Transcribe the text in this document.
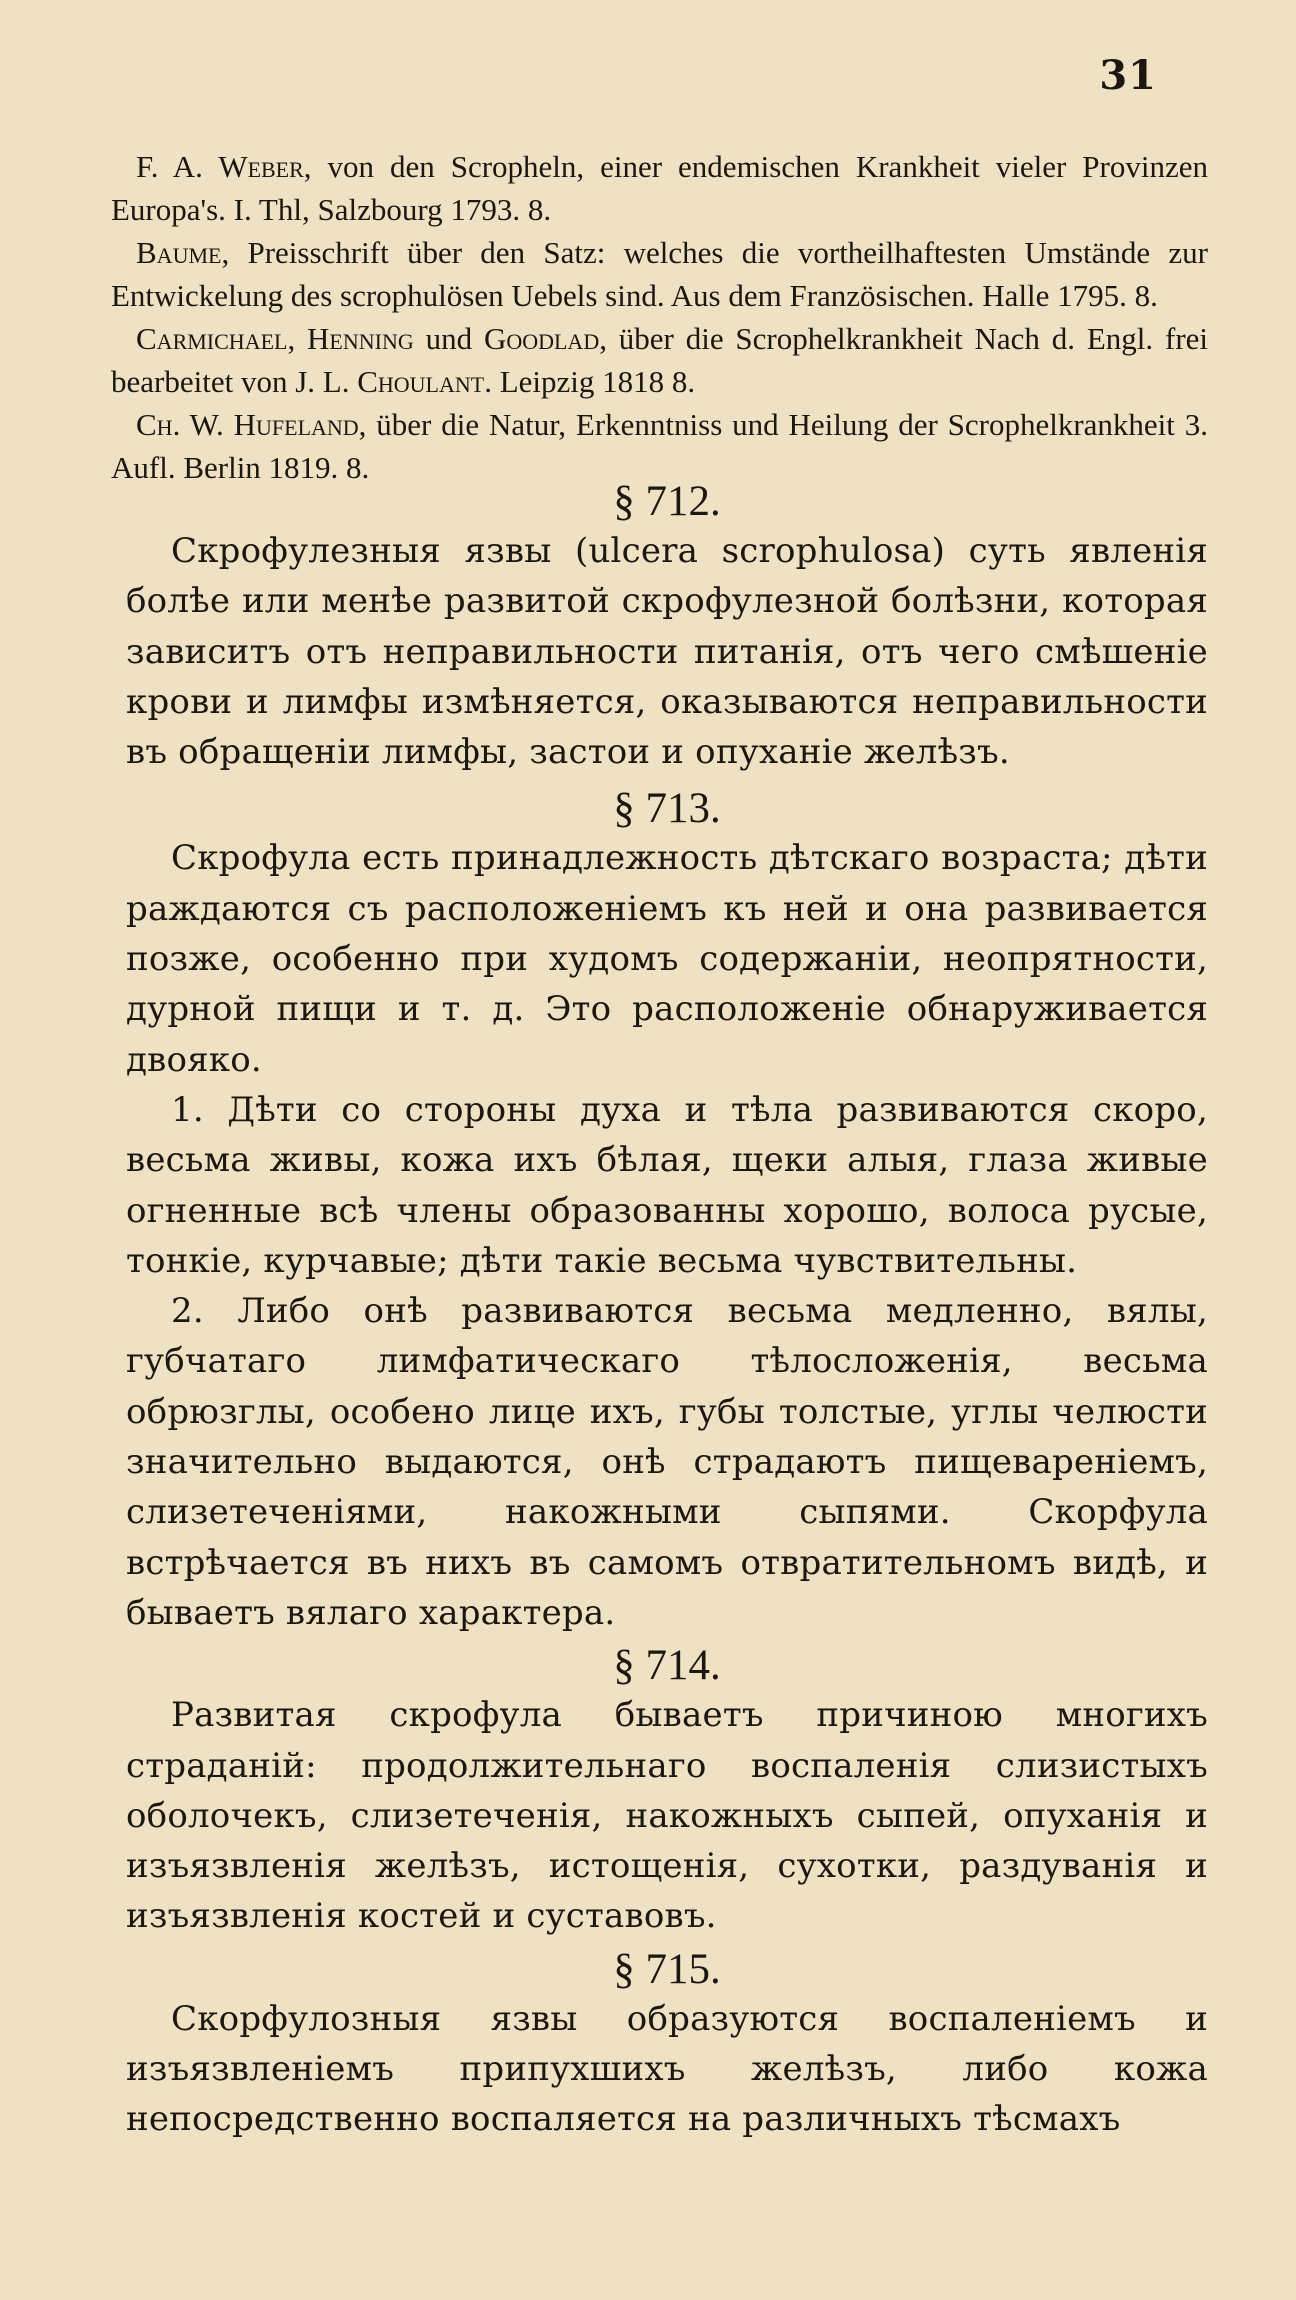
31

F. A. Weber, von den Scropheln, einer endemischen Krankheit vieler Provinzen Europa's. I. Thl, Salzbourg 1793. 8.

Baume, Preisschrift über den Satz: welches die vortheilhaftesten Umstände zur Entwickelung des scrophulösen Uebels sind. Aus dem Französischen. Halle 1795. 8.

Carmichael, Henning und Goodlad, über die Scrophelkrankheit Nach d. Engl. frei bearbeitet von J. L. Choulant. Leipzig 1818 8.

Ch. W. Hufeland, über die Natur, Erkenntniss und Heilung der Scrophelkrankheit 3. Aufl. Berlin 1819. 8.

§ 712.

Скрофулезныя язвы (ulcera scrophulosa) суть явленія болѣе или менѣе развитой скрофулезной болѣзни, которая зависитъ отъ неправильности питанія, отъ чего смѣшеніе крови и лимфы измѣняется, оказываются неправильности въ обращеніи лимфы, застои и опуханіе желѣзъ.

§ 713.

Скрофула есть принадлежность дѣтскаго возраста; дѣти раждаются съ расположеніемъ къ ней и она развивается позже, особенно при худомъ содержаніи, неопрятности, дурной пищи и т. д. Это расположеніе обнаруживается двояко.

1. Дѣти со стороны духа и тѣла развиваются скоро, весьма живы, кожа ихъ бѣлая, щеки алыя, глаза живые огненные всѣ члены образованны хорошо, волоса русые, тонкіе, курчавые; дѣти такіе весьма чувствительны.

2. Либо онѣ развиваются весьма медленно, вялы, губчатаго лимфатическаго тѣлосложенія, весьма обрюзглы, особено лице ихъ, губы толстые, углы челюсти значительно выдаются, онѣ страдаютъ пищевареніемъ, слизетеченіями, накожными сыпями. Скорфула встрѣчается въ нихъ въ самомъ отвратительномъ видѣ, и бываетъ вялаго характера.

§ 714.

Развитая скрофула бываетъ причиною многихъ страданій: продолжительнаго воспаленія слизистыхъ оболочекъ, слизетеченія, накожныхъ сыпей, опуханія и изъязвленія желѣзъ, истощенія, сухотки, раздуванія и изъязвленія костей и суставовъ.

§ 715.

Скорфулозныя язвы образуются воспаленіемъ и изъязвленіемъ припухшихъ желѣзъ, либо кожа непосредственно воспаляется на различныхъ тѣсмахъ
